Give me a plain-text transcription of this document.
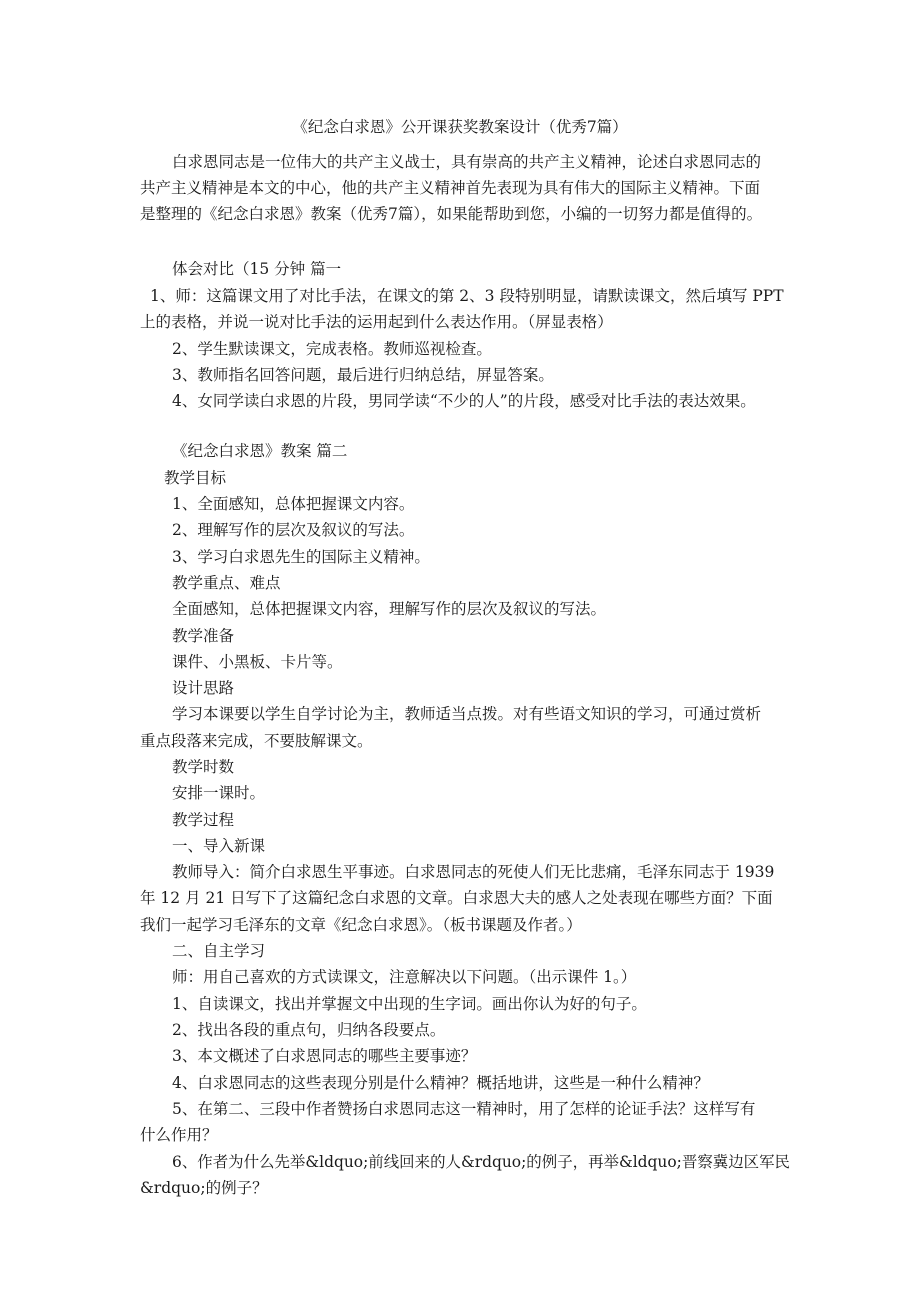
《纪念白求恩》公开课获奖教案设计（优秀7篇）
白求恩同志是一位伟大的共产主义战士，具有崇高的共产主义精神，论述白求恩同志的
共产主义精神是本文的中心，他的共产主义精神首先表现为具有伟大的国际主义精神。下面
是整理的《纪念白求恩》教案（优秀7篇），如果能帮助到您，小编的一切努力都是值得的。
体会对比（15 分钟 篇一
1、师：这篇课文用了对比手法，在课文的第 2、3 段特别明显，请默读课文，然后填写 PPT
上的表格，并说一说对比手法的运用起到什么表达作用。（屏显表格）
2、学生默读课文，完成表格。教师巡视检查。
3、教师指名回答问题，最后进行归纳总结，屏显答案。
4、女同学读白求恩的片段，男同学读“不少的人”的片段，感受对比手法的表达效果。
《纪念白求恩》教案 篇二
教学目标
1、全面感知，总体把握课文内容。
2、理解写作的层次及叙议的写法。
3、学习白求恩先生的国际主义精神。
教学重点、难点
全面感知，总体把握课文内容，理解写作的层次及叙议的写法。
教学准备
课件、小黑板、卡片等。
设计思路
学习本课要以学生自学讨论为主，教师适当点拨。对有些语文知识的学习，可通过赏析
重点段落来完成，不要肢解课文。
教学时数
安排一课时。
教学过程
一、导入新课
教师导入：简介白求恩生平事迹。白求恩同志的死使人们无比悲痛，毛泽东同志于 1939
年 12 月 21 日写下了这篇纪念白求恩的文章。白求恩大夫的感人之处表现在哪些方面？下面
我们一起学习毛泽东的文章《纪念白求恩》。（板书课题及作者。）
二、自主学习
师：用自己喜欢的方式读课文，注意解决以下问题。（出示课件 1。）
1、自读课文，找出并掌握文中出现的生字词。画出你认为好的句子。
2、找出各段的重点句，归纳各段要点。
3、本文概述了白求恩同志的哪些主要事迹？
4、白求恩同志的这些表现分别是什么精神？概括地讲，这些是一种什么精神？
5、在第二、三段中作者赞扬白求恩同志这一精神时，用了怎样的论证手法？这样写有
什么作用？
6、作者为什么先举&ldquo;前线回来的人&rdquo;的例子，再举&ldquo;晋察冀边区军民
&rdquo;的例子？
